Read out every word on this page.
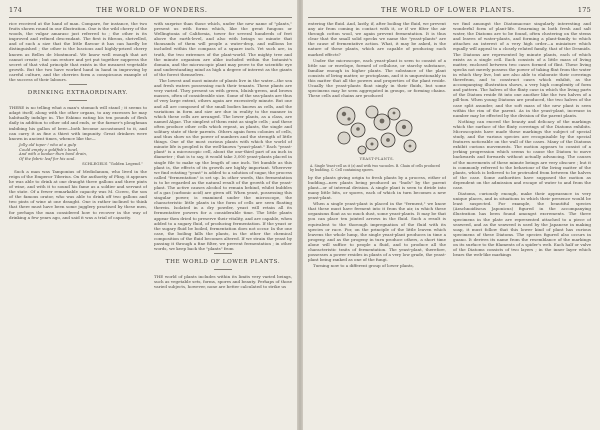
174	THE WORLD OF WONDERS.

rice received at the hand of man. Compare, for instance, the two fruits shown round in our illustration. One is the wild cherry of the woods, the vulgar amarasc just referred to ; the other is its improved and refined descendant. The first is fibrous, shrivelled, and of such a size that the little flavour it has can hardly be distinguished ; the other is the luscious and highly-prized cherry known as Belles de Montmoral. We know well enough that art cannot create ; but can restore and yet put together suppress the secret of that vital principle that exists in the meanest vegetable growth. But the two have worked hand in hand in improving by careful culture, and the cherries form a conspicuous example of the success of their labours.

DRINKING EXTRAORDINARY.

THERE is no telling what a man's stomach will stand ; it seems to adapt itself, along with the other organs, to any excesses he may habitually indulge in. The Eskimo eating his ten pounds of flesh daily in addition to other odd and ends, or the farmer's ploughman imbibing his gallon of beer—both become accustomed to it, and can carry it as fine a thirst with impunity. Great drinkers were known in ancient times, whence like the—

Jolly old toper ! who at a gulp
Could empty a goldfish’s bowl,
And with a beaker then bowl drain,
Of the fabric leaf for his soul.
SCHLEGEL’S “Golden Legend.”

Such a man was Tamponius of Mediolanum, who lived in the reign of the Emperor Tiberius. On the authority of Pliny, it appears he was able to drink at one draught three gallons and three pints of wine, and with it to sound his fame as a soldier and servant of the state. Of a fewer remarkable capacity was M. Cicero, the son of the famous orator, who was able to drink off two gallons and two pints of wine at one draught. One is rather inclined to think that there must have been some jugglery practised by these men, for perhaps the man considered how to recover in the way of drinking a few years ago, and said it was a trial of capacity.

with surprise than those which, under the new name of "plants," present us with forms which, like the great fungous or Wellingtonia of California, tower for several hundreds of feet above the earth-level, and also with beings so minute that thousands of them will people a water-drop, and millions be included within the compass of a square inch. Yet such are, in truth, the two extremes of the plant-world. The mighty tree and the minute organism are alike included within the botanist's domain, and the microscopic plant may prove to the scientific eye and understanding mind as high a degree of interest as the giants of the forest themselves.

The lowest and most minute of plants live in the water—the sea and fresh waters possessing each their tenants. These plants are very varied. They present us with green, bluish-green, and brown masses, often of considerable size. Some of the sea-plants are thus of very large extent, others again are excessively minute. But one and all are composed of the small bodies known as cells, and the variations in form and size are due in reality to the manner in which these cells are arranged. The lower plants, as a class, are named Algae. The simplest of them exist as single cells ; and these often produce other cells which repeat, as plants, the single and solitary state of their parents. Others again form colonies of cells, and thus show us the power of numbers and the strength of little things. One of the most curious plants with which the world of minute life is peopled is the well-known "yeast-plant." Each "yeast-plant" is a microscopic cell, about the one-third part of an inch in diameter ; that is to say, it would take 3,000 yeast-plants placed in single file to make up the length of one inch. Yet humble as this plant is, the effects of its growth are highly important. Wherever we find rotating "yeast" is added to a solution of sugar, the process called "fermentation" is set up. In other words, this fermentation is to be regarded as the natural result of the growth of the yeast-plant. The active causes alcohol to remain behind, whilst bubbles of a gas (carbonic acid) are given off. When yeast, possessing this singular power, is examined under the microscope, the characteristic little plants in the form of cells are seen floating therein. Isolated in a dry powder, yeast will retain all its fermentative powers for a considerable time. The little plants appear then dried to preserve their vitality, and are capable, when added to a sugary fluid, of producing fermentation. If the yeast or the sugary fluid be boiled, fermentation does not occur. In the one case, the boiling kills the plants, in the other the chemical composition of the fluid becomes altered. If we strain the yeast by passing it through a fine filter, we prevent fermentation ; in other words, we keep back the "plants" from

THE WORLD OF LOWER PLANTS.

THE world of plants includes within its limits very varied beings, such as vegetable sets, forms, spores and beauty. Perhaps of those varied subjects, however, none are better calculated to strike us

THE WORLD OF LOWER PLANTS.	175

entering the fluid. And, lastly, if, after boiling the fluid, we prevent any air from coming in contact with it, or if we filter the air through cotton wool, we again prevent fermentation. It is thus clear that the small solid specks we name the "yeast-plants" are the cause of fermentative action. What, it may be asked, is the nature of these plants, which are capable of producing such marked effects?

Under the microscope, each yeast-plant is seen to consist of a little sac or envelope, formed of cellulose, or starchy substance, familiar enough in higher plants. The substance of the plant consists of living matter, or protoplasm, and it is unquestionably in this matter that all the powers and properties of the plant reside. Usually the yeast-plants float singly in their fluids, but some specimens may be seen aggregated in groups, or forming chains. These cells and chains are produced

YEAST-PLANTS.
A. Single Yeast-cell as it (z) and with two vacuoles. B. Chain of cells produced by budding. C. Cell containing spores.

by the plants giving origin to fresh plants by a process, either of budding—new plants being produced as "buds" by the parent plant—or of internal division. A single plant is seen to divide into many little bits, or spores, each of which in turn becomes a new yeast-plant.

When a single yeast-plant is placed in the "ferment," we know that these must have ferment into it from the air, in which these organisms float as so much dust, some yeast-plants. It may be that you can place ten jointed arrows in the fluid. Such a result is equivalent to the thorough impregnation of the fluid with its species or race. For, on the principle of the little leaven which leavens the whole lump, the single yeast-plant produces in time a progeny, and as the progeny in turn produce others, a short time alone will suffice to people a fluid, and to produce all the characteristic traits of fermentation. The yeast-plant, therefore, possesses a power resides in plants of a very low grade, the yeast-plant being ranked as one of the fungi.

Turning now to a different group of lower plants,

we find amongst the Diatomaceae singularly interesting and wonderful form of plant-life. Swarming in both fresh and salt water, the Diatoms are to be found, often clustering on the stems and leaves of water-plants, and forming a plant-family to which attaches an interest of a very high order—a miniature which equally will appeal to a closely related family, that of the Desmids. The Diatoms are represented by minute plants, each of which exists as a single cell. Each consists of a little mass of living matter, enclosed between two cases formed of flint. These living specks not merely possess the power of taking flint from the water in which they live, but are also able to elaborate their coverings therefrom, and to construct cases which exhibit, as the accompanying illustration shows, a very high complexity of form and pattern. The halves of the flinty case in which the living parts of the Diatom reside fit into one another like the two halves of a pill-box. When young Diatoms are produced, the two halves of the case split asunder, and the soft mass of the new plant is seen within the rim of the parent. As in the yeast-plant, increase in number may be effected by the division of the parent plants.

Nothing can exceed the beauty and delicacy of the markings which the surface of the flinty coverings of the Diatoms exhibits. Microscopists have made these markings the subject of special study, and the various species are recognisable by the special features noticeable on the wall of the cases. Many of the Diatoms exhibit curious movements. The motion appears to consist of a jerking progression which seems to cause the Diatom to move backwards and forwards without actually advancing. The causes of the movements of these minute beings are very obscure ; but it is commonly referred to the behaviour of the living matter of the plants, which is believed to be protruded from between the halves of the case. Some authorities have supposed the motion as dependent on the admission and escape of water to and from the case.

Diatoms, curiously enough, make their appearance in very unique places, and in situations in which their presence would be least suspected. For example, the beautiful species (Arachnoidiscus Japonicus) figured in the accompanying illustration has been found amongst excrements. The three specimens in the plate are represented attached to a piece of seaweed, and as the seaweed is used by the Japanese in making soap, it must follow that this lower kind of plant has curious specimens of these Diatoms. The species figured also occurs in guano. It derives its name from the resemblance of the markings on its surface to the filaments of a spider's web. Each half or valve of the Diatoms consists of two layers ; in the inner layer which bears the web-like markings
